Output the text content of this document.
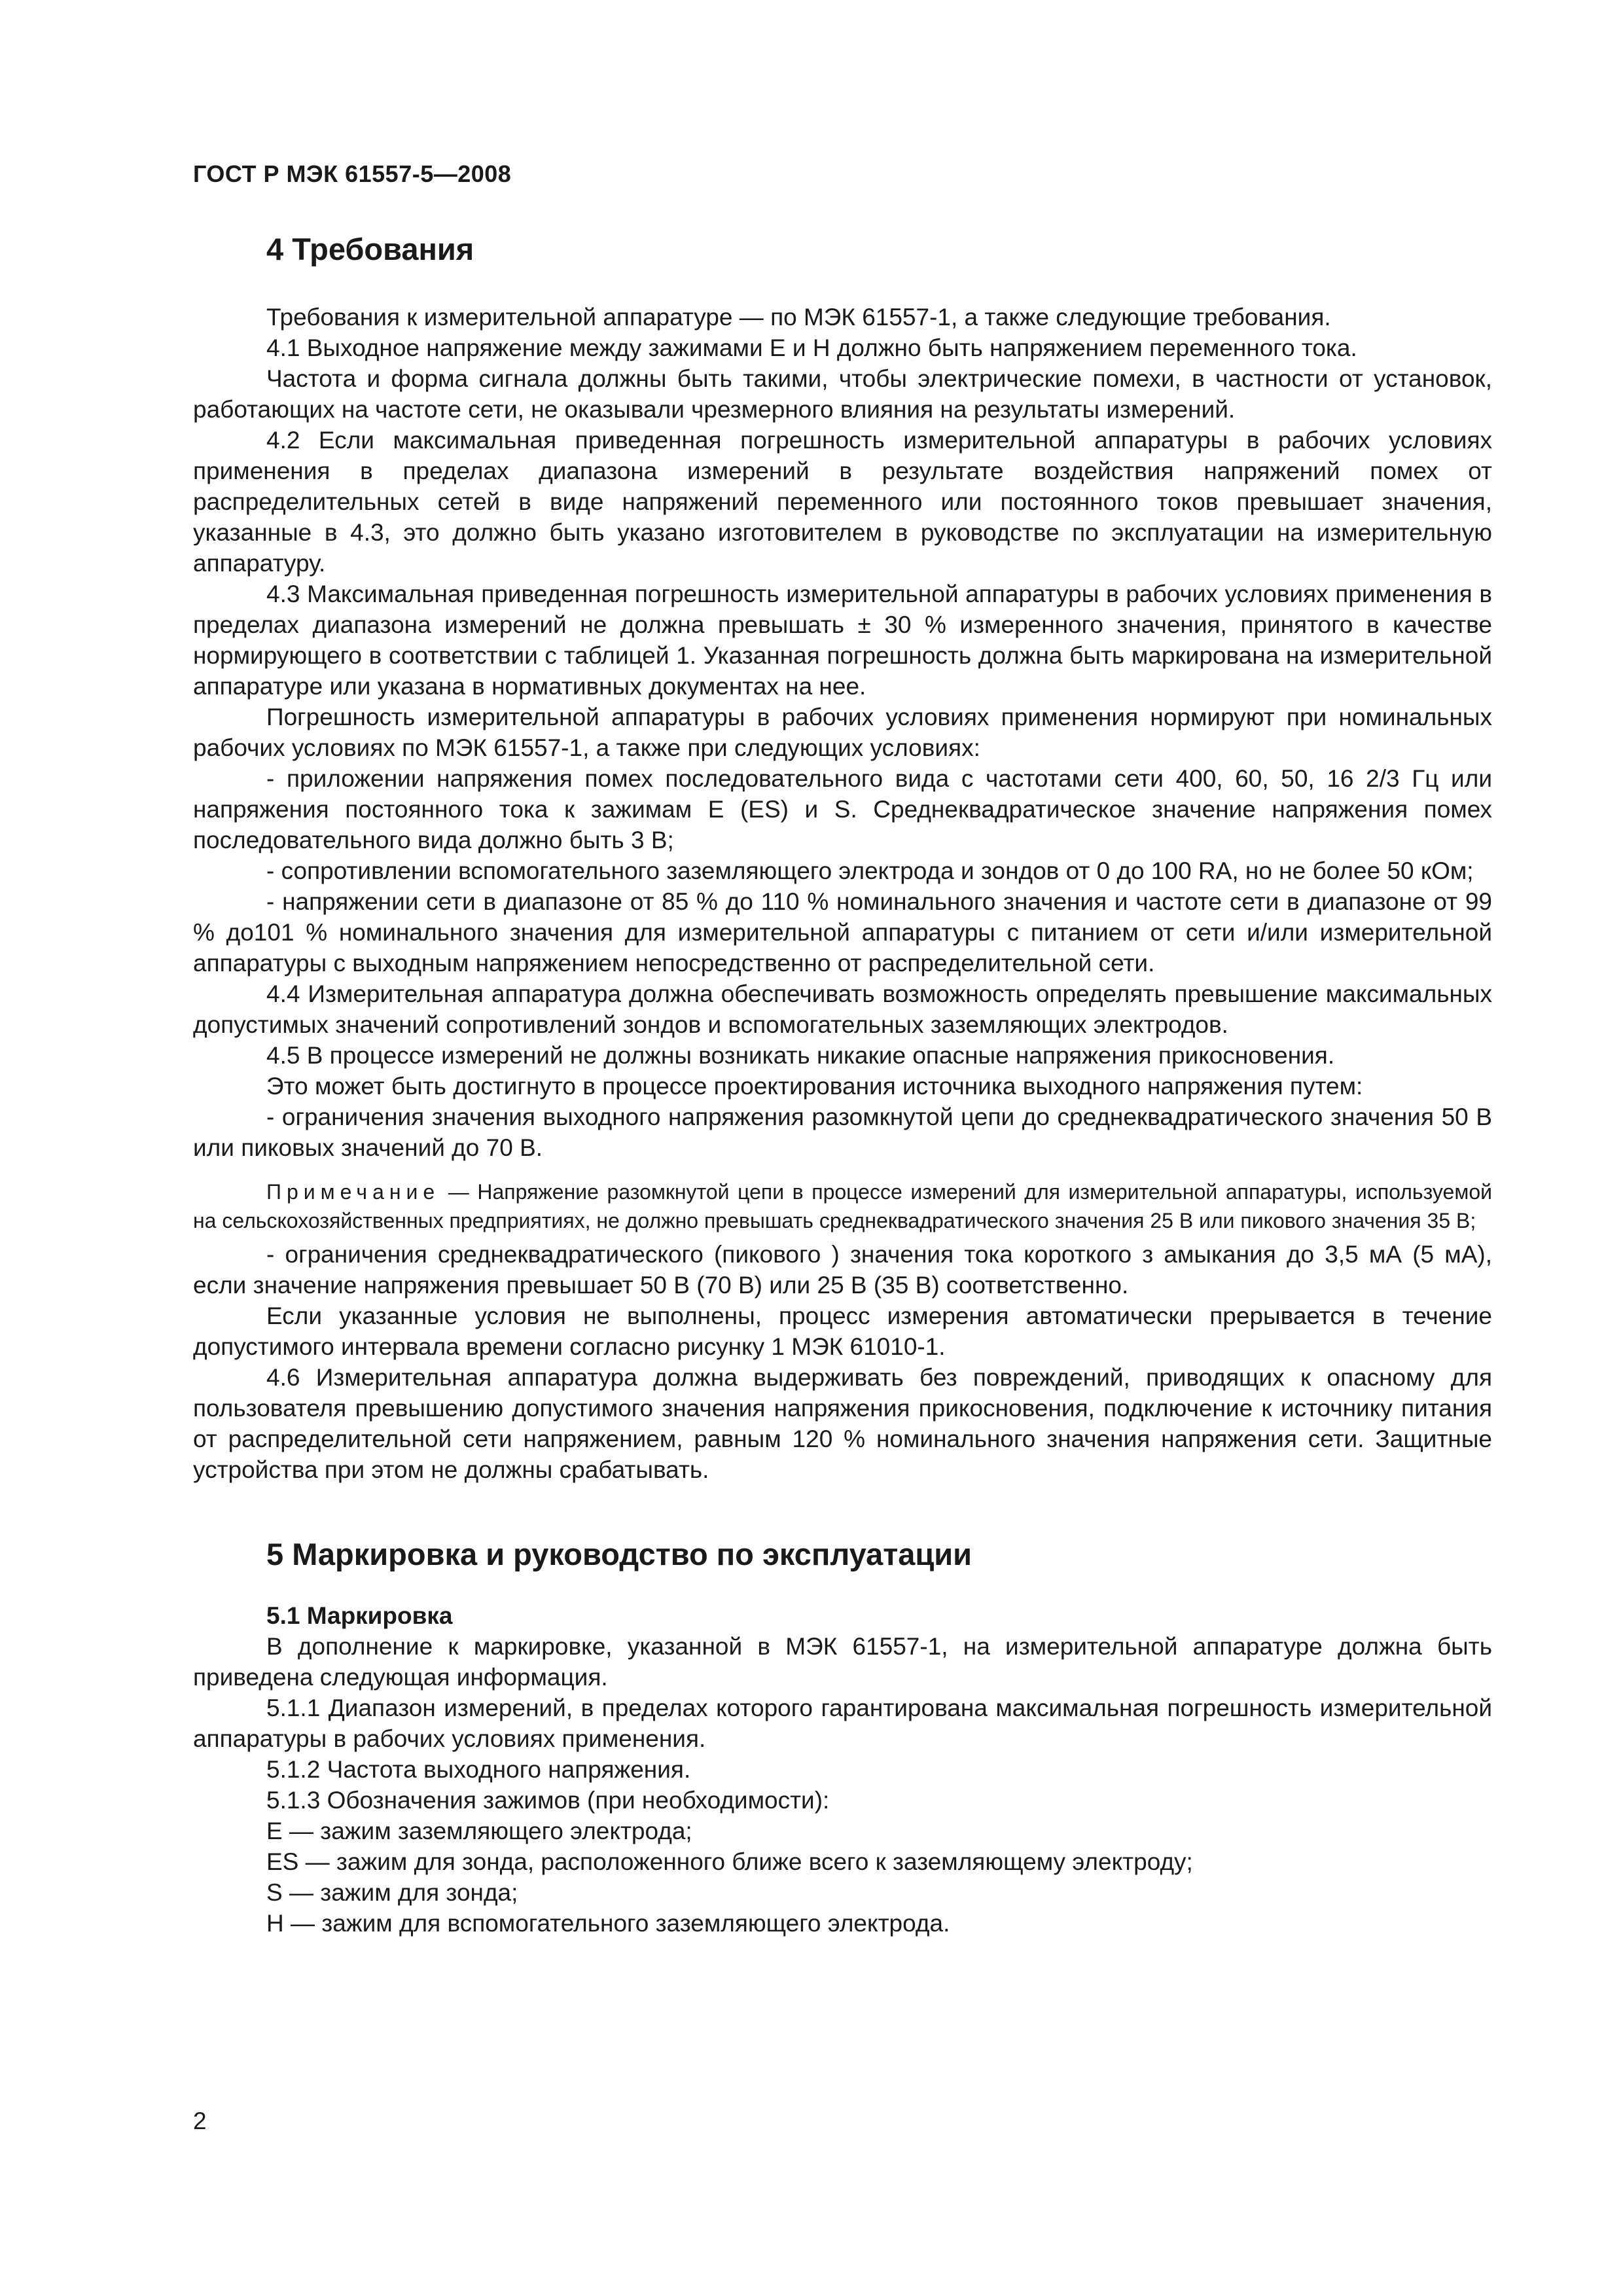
ГОСТ Р МЭК 61557-5—2008
4 Требования

Требования к измерительной аппаратуре — по МЭК 61557-1, а также следующие требования.

4.1 Выходное напряжение между зажимами E и H должно быть напряжением переменного тока.

Частота и форма сигнала должны быть такими, чтобы электрические помехи, в частности от установок, работающих на частоте сети, не оказывали чрезмерного влияния на результаты измерений.

4.2 Если максимальная приведенная погрешность измерительной аппаратуры в рабочих условиях применения в пределах диапазона измерений в результате воздействия напряжений помех от распределительных сетей в виде напряжений переменного или постоянного токов превышает значения, указанные в 4.3, это должно быть указано изготовителем в руководстве по эксплуатации на измерительную аппаратуру.

4.3 Максимальная приведенная погрешность измерительной аппаратуры в рабочих условиях применения в пределах диапазона измерений не должна превышать ± 30 % измеренного значения, принятого в качестве нормирующего в соответствии с таблицей 1. Указанная погрешность должна быть маркирована на измерительной аппаратуре или указана в нормативных документах на нее.

Погрешность измерительной аппаратуры в рабочих условиях применения нормируют при номинальных рабочих условиях по МЭК 61557-1, а также при следующих условиях:

- приложении напряжения помех последовательного вида с частотами сети 400, 60, 50, 16 2/3 Гц или напряжения постоянного тока к зажимам E (ES) и S. Среднеквадратическое значение напряжения помех последовательного вида должно быть 3 В;

- сопротивлении вспомогательного заземляющего электрода и зондов от 0 до 100 RA, но не более 50 кОм;

- напряжении сети в диапазоне от 85 % до 110 % номинального значения и частоте сети в диапазоне от 99 % до101 % номинального значения для измерительной аппаратуры с питанием от сети и/или измерительной аппаратуры с выходным напряжением непосредственно от распределительной сети.

4.4 Измерительная аппаратура должна обеспечивать возможность определять превышение максимальных допустимых значений сопротивлений зондов и вспомогательных заземляющих электродов.

4.5 В процессе измерений не должны возникать никакие опасные напряжения прикосновения.

Это может быть достигнуто в процессе проектирования источника выходного напряжения путем:

- ограничения значения выходного напряжения разомкнутой цепи до среднеквадратического значения 50 В или пиковых значений до 70 В.

Примечание — Напряжение разомкнутой цепи в процессе измерений для измерительной аппаратуры, используемой на сельскохозяйственных предприятиях, не должно превышать среднеквадратического значения 25 В или пикового значения 35 В;

- ограничения среднеквадратического (пикового ) значения тока короткого з амыкания до 3,5 мА (5 мА), если значение напряжения превышает 50 В (70 В) или 25 В (35 В) соответственно.

Если указанные условия не выполнены, процесс измерения автоматически прерывается в течение допустимого интервала времени согласно рисунку 1 МЭК 61010-1.

4.6 Измерительная аппаратура должна выдерживать без повреждений, приводящих к опасному для пользователя превышению допустимого значения напряжения прикосновения, подключение к источнику питания от распределительной сети напряжением, равным 120 % номинального значения напряжения сети. Защитные устройства при этом не должны срабатывать.

5 Маркировка и руководство по эксплуатации
5.1 Маркировка

В дополнение к маркировке, указанной в МЭК 61557-1, на измерительной аппаратуре должна быть приведена следующая информация.

5.1.1 Диапазон измерений, в пределах которого гарантирована максимальная погрешность измерительной аппаратуры в рабочих условиях применения.

5.1.2 Частота выходного напряжения.

5.1.3 Обозначения зажимов (при необходимости):

E — зажим заземляющего электрода;

ES — зажим для зонда, расположенного ближе всего к заземляющему электроду;

S — зажим для зонда;

H — зажим для вспомогательного заземляющего электрода.

2
